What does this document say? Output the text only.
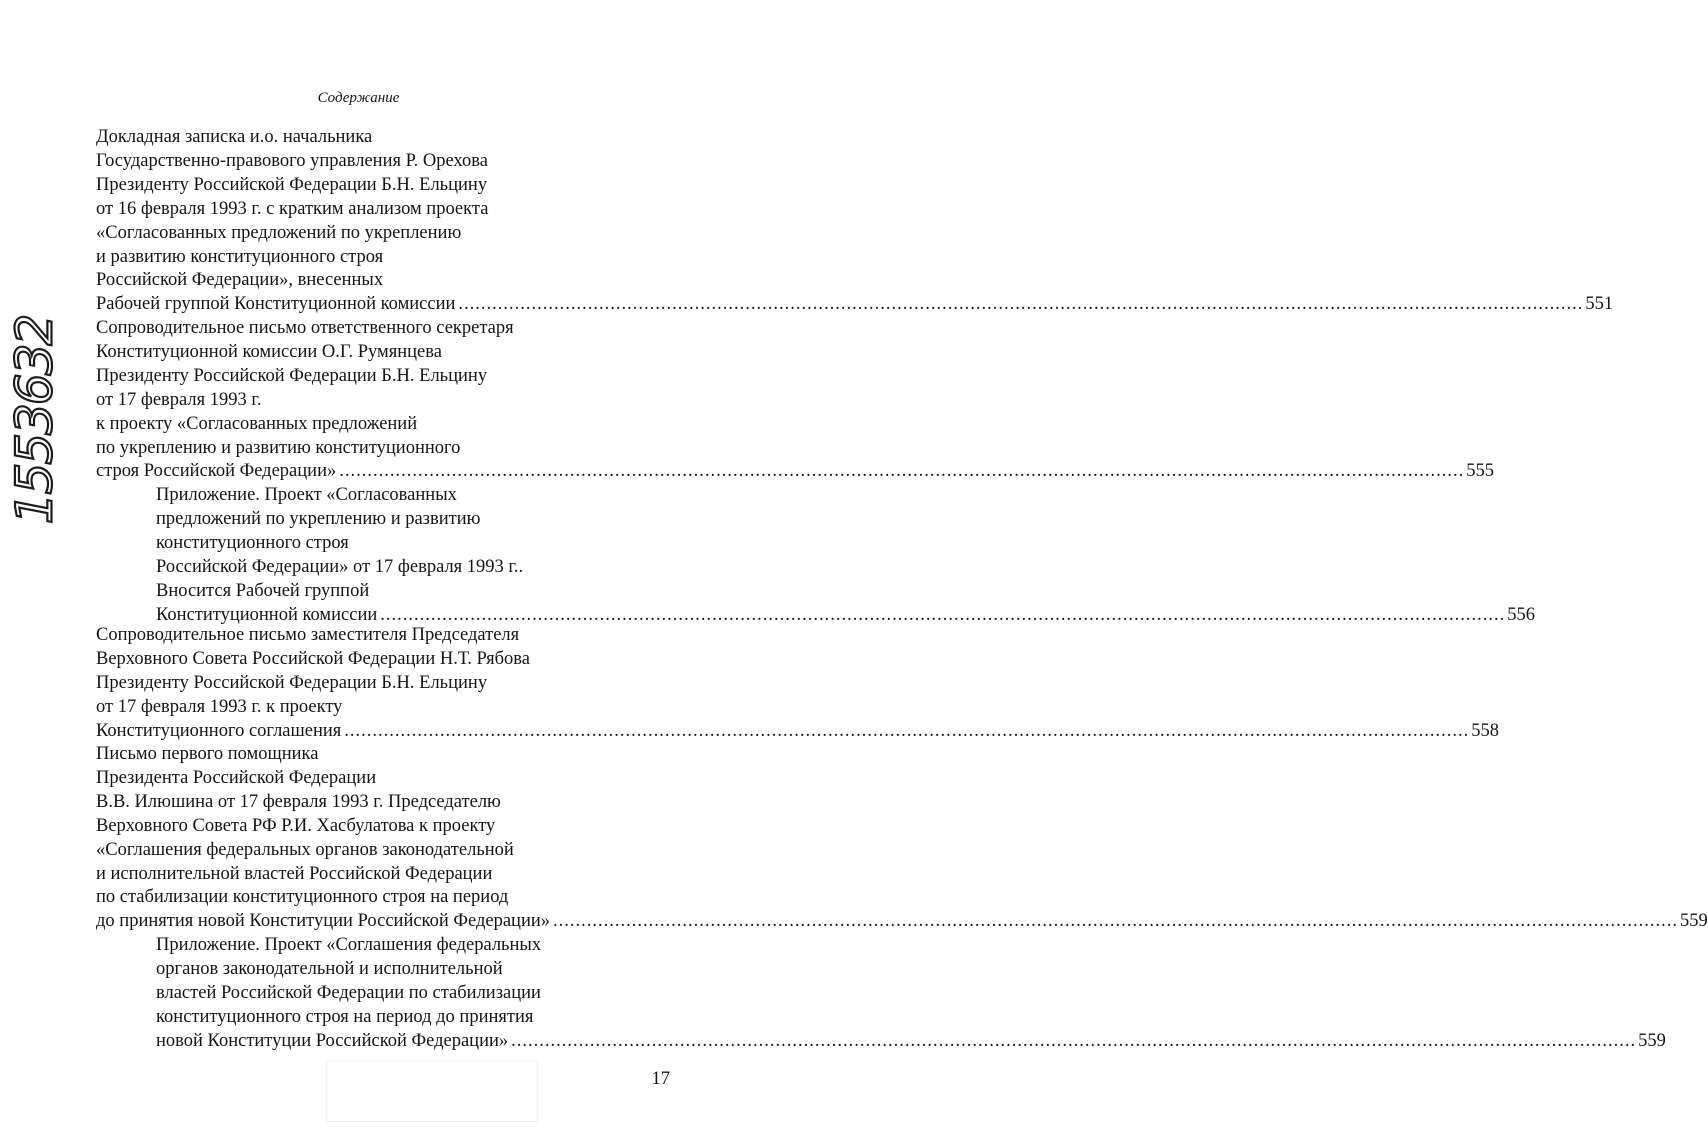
Содержание
Докладная записка и.о. начальника
Государственно-правового управления Р. Орехова
Президенту Российской Федерации Б.Н. Ельцину
от 16 февраля 1993 г. с кратким анализом проекта
«Согласованных предложений по укреплению
и развитию конституционного строя
Российской Федерации», внесенных
Рабочей группой Конституционной комиссии ........................................................................................................................................................................................................ 551
Сопроводительное письмо ответственного секретаря
Конституционной комиссии О.Г. Румянцева
Президенту Российской Федерации Б.Н. Ельцину
от 17 февраля 1993 г.
к проекту «Согласованных предложений
по укреплению и развитию конституционного
строя Российской Федерации» ........................................................................................................................................................................................................ 555
Приложение. Проект «Согласованных
предложений по укреплению и развитию
конституционного строя
Российской Федерации» от 17 февраля 1993 г..
Вносится Рабочей группой
Конституционной комиссии ........................................................................................................................................................................................................ 556
Сопроводительное письмо заместителя Председателя
Верховного Совета Российской Федерации Н.Т. Рябова
Президенту Российской Федерации Б.Н. Ельцину
от 17 февраля 1993 г. к проекту
Конституционного соглашения ........................................................................................................................................................................................................ 558
Письмо первого помощника
Президента Российской Федерации
В.В. Илюшина от 17 февраля 1993 г. Председателю
Верховного Совета РФ Р.И. Хасбулатова к проекту
«Соглашения федеральных органов законодательной
и исполнительной властей Российской Федерации
по стабилизации конституционного строя на период
до принятия новой Конституции Российской Федерации» ........................................................................................................................................................................................................ 559
Приложение. Проект «Соглашения федеральных
органов законодательной и исполнительной
властей Российской Федерации по стабилизации
конституционного строя на период до принятия
новой Конституции Российской Федерации» ........................................................................................................................................................................................................ 559
1553632
17
